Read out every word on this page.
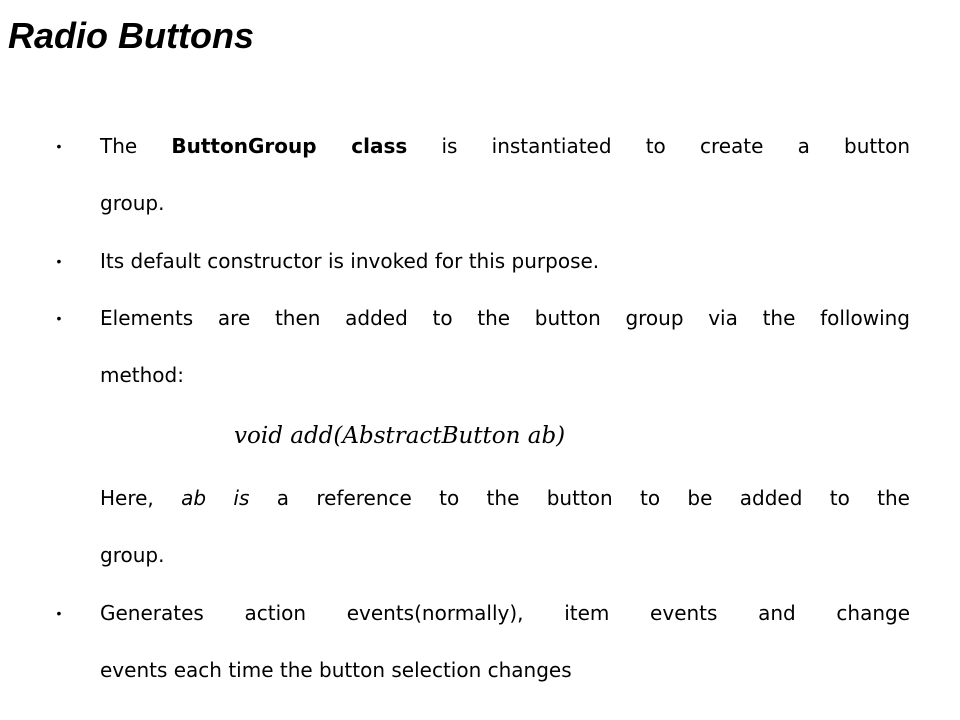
Radio Buttons
• The ButtonGroup class is instantiated to create a button

group.

• Its default constructor is invoked for this purpose.

• Elements are then added to the button group via the following

method:

void add(AbstractButton ab)

Here, ab is a reference to the button to be added to the

group.

• Generates action events(normally), item events and change

events each time the button selection changes
